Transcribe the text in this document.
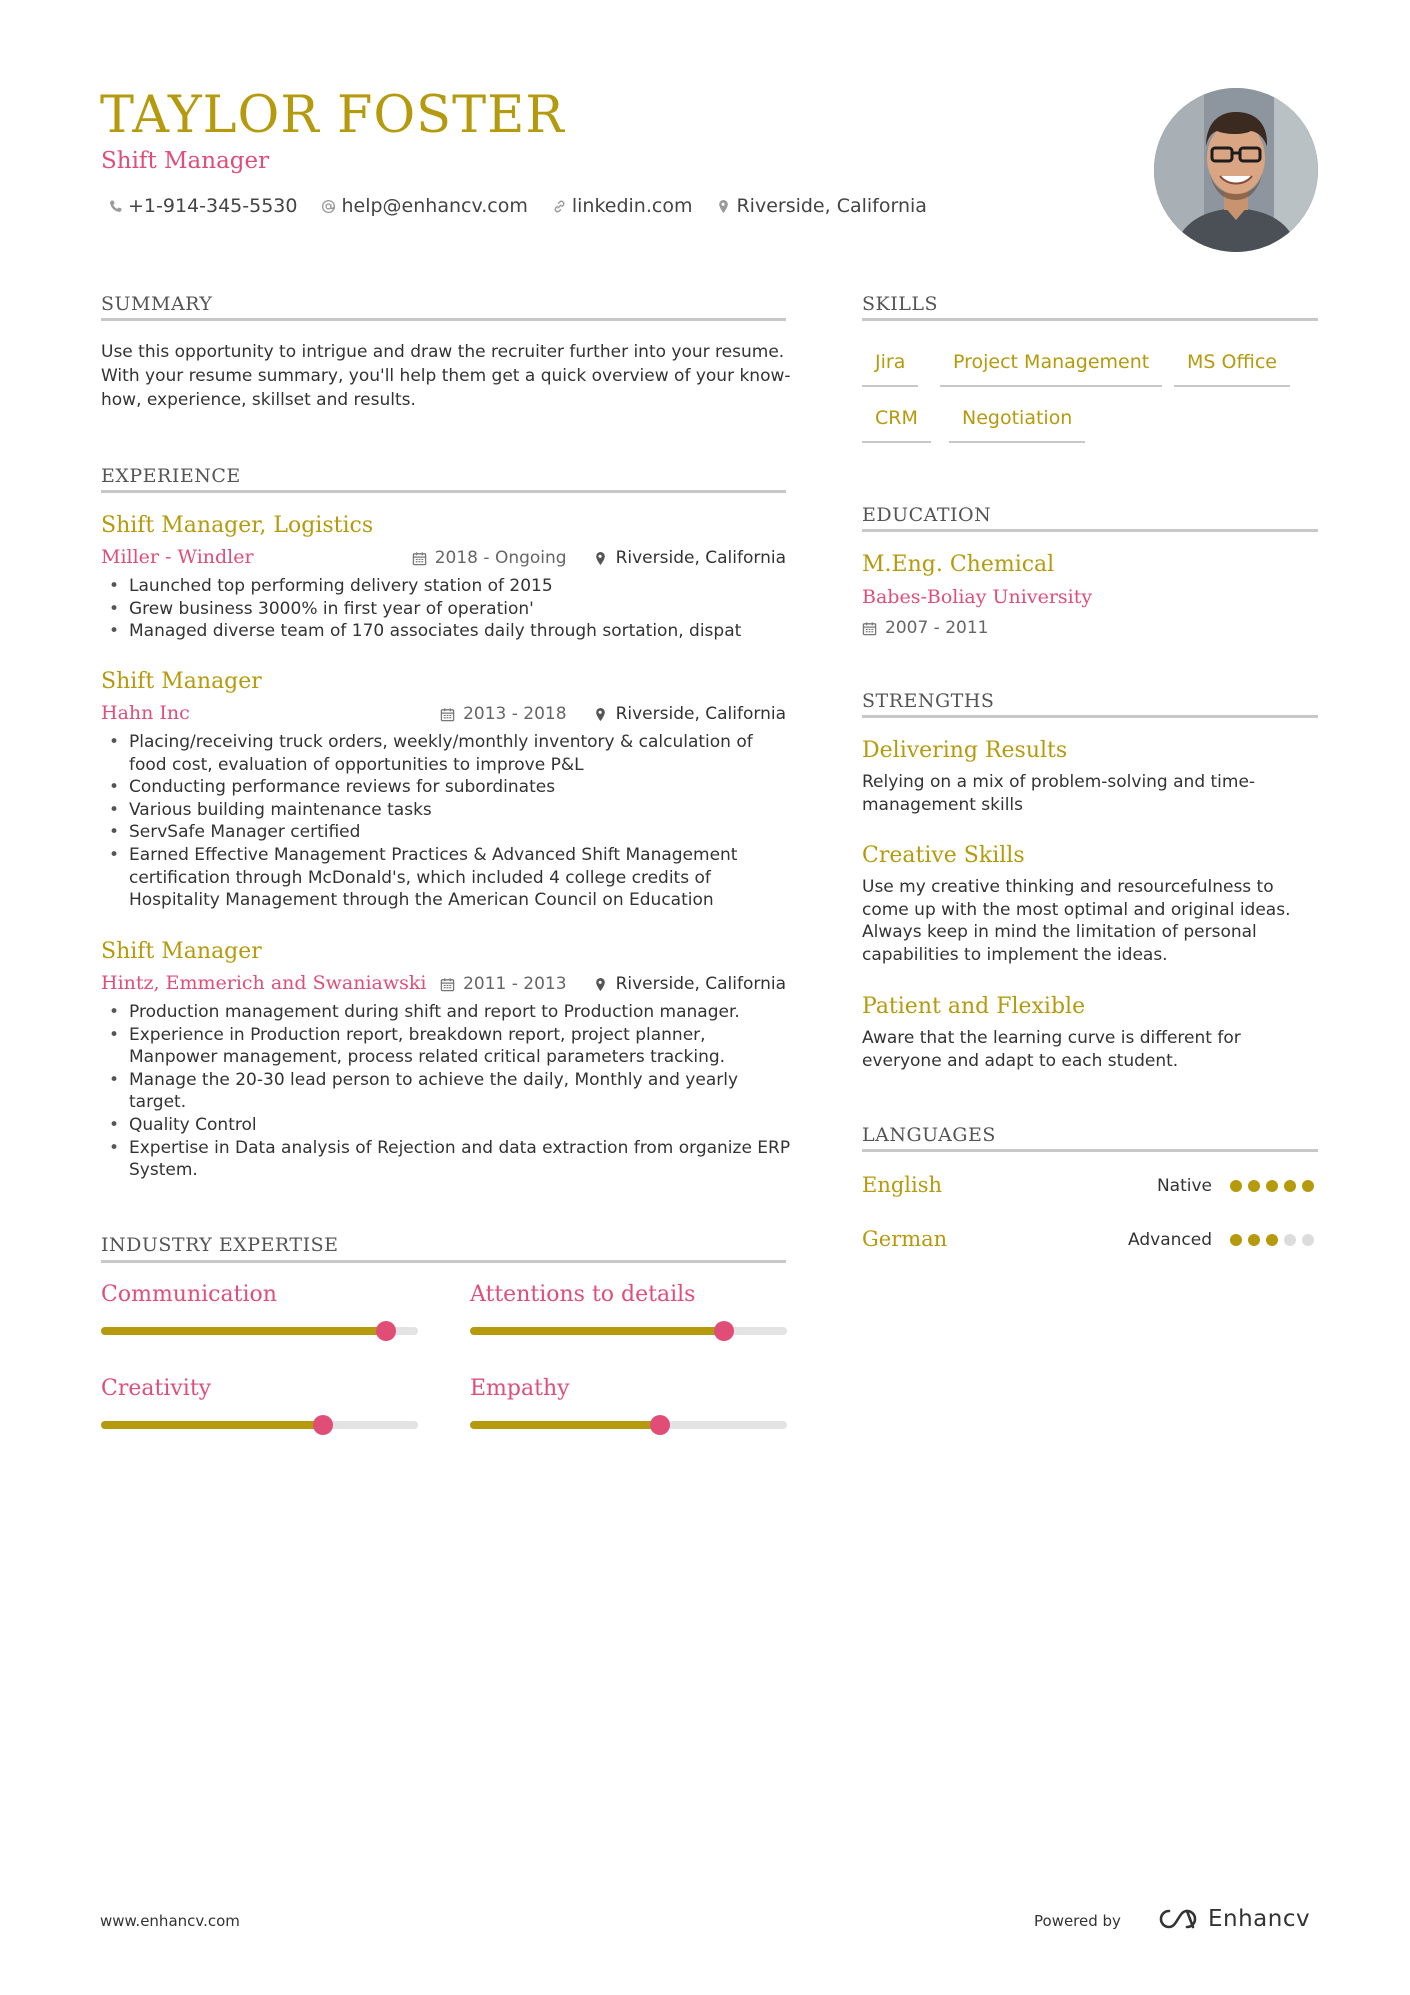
TAYLOR FOSTER
Shift Manager
+1-914-345-5530 help@enhancv.com linkedin.com Riverside, California
SUMMARY
Use this opportunity to intrigue and draw the recruiter further into your resume. With your resume summary, you'll help them get a quick overview of your know-how, experience, skillset and results.
EXPERIENCE
Shift Manager, Logistics
Miller - Windler	2018 - Ongoing	Riverside, California
• Launched top performing delivery station of 2015
• Grew business 3000% in first year of operation'
• Managed diverse team of 170 associates daily through sortation, dispat
Shift Manager
Hahn Inc	2013 - 2018	Riverside, California
• Placing/receiving truck orders, weekly/monthly inventory & calculation of food cost, evaluation of opportunities to improve P&L
• Conducting performance reviews for subordinates
• Various building maintenance tasks
• ServSafe Manager certified
• Earned Effective Management Practices & Advanced Shift Management certification through McDonald's, which included 4 college credits of Hospitality Management through the American Council on Education
Shift Manager
Hintz, Emmerich and Swaniawski 2011 - 2013	Riverside, California
• Production management during shift and report to Production manager.
• Experience in Production report, breakdown report, project planner, Manpower management, process related critical parameters tracking.
• Manage the 20-30 lead person to achieve the daily, Monthly and yearly target.
• Quality Control
• Expertise in Data analysis of Rejection and data extraction from organize ERP System.
INDUSTRY EXPERTISE
Communication	Attentions to details
Creativity	Empathy
SKILLS
Jira	Project Management	MS Office
CRM	Negotiation
EDUCATION
M.Eng. Chemical
Babes-Boliay University
2007 - 2011
STRENGTHS
Delivering Results
Relying on a mix of problem-solving and time-management skills
Creative Skills
Use my creative thinking and resourcefulness to come up with the most optimal and original ideas. Always keep in mind the limitation of personal capabilities to implement the ideas.
Patient and Flexible
Aware that the learning curve is different for everyone and adapt to each student.
LANGUAGES
English	Native
German	Advanced
www.enhancv.com	Powered by	Enhancv
